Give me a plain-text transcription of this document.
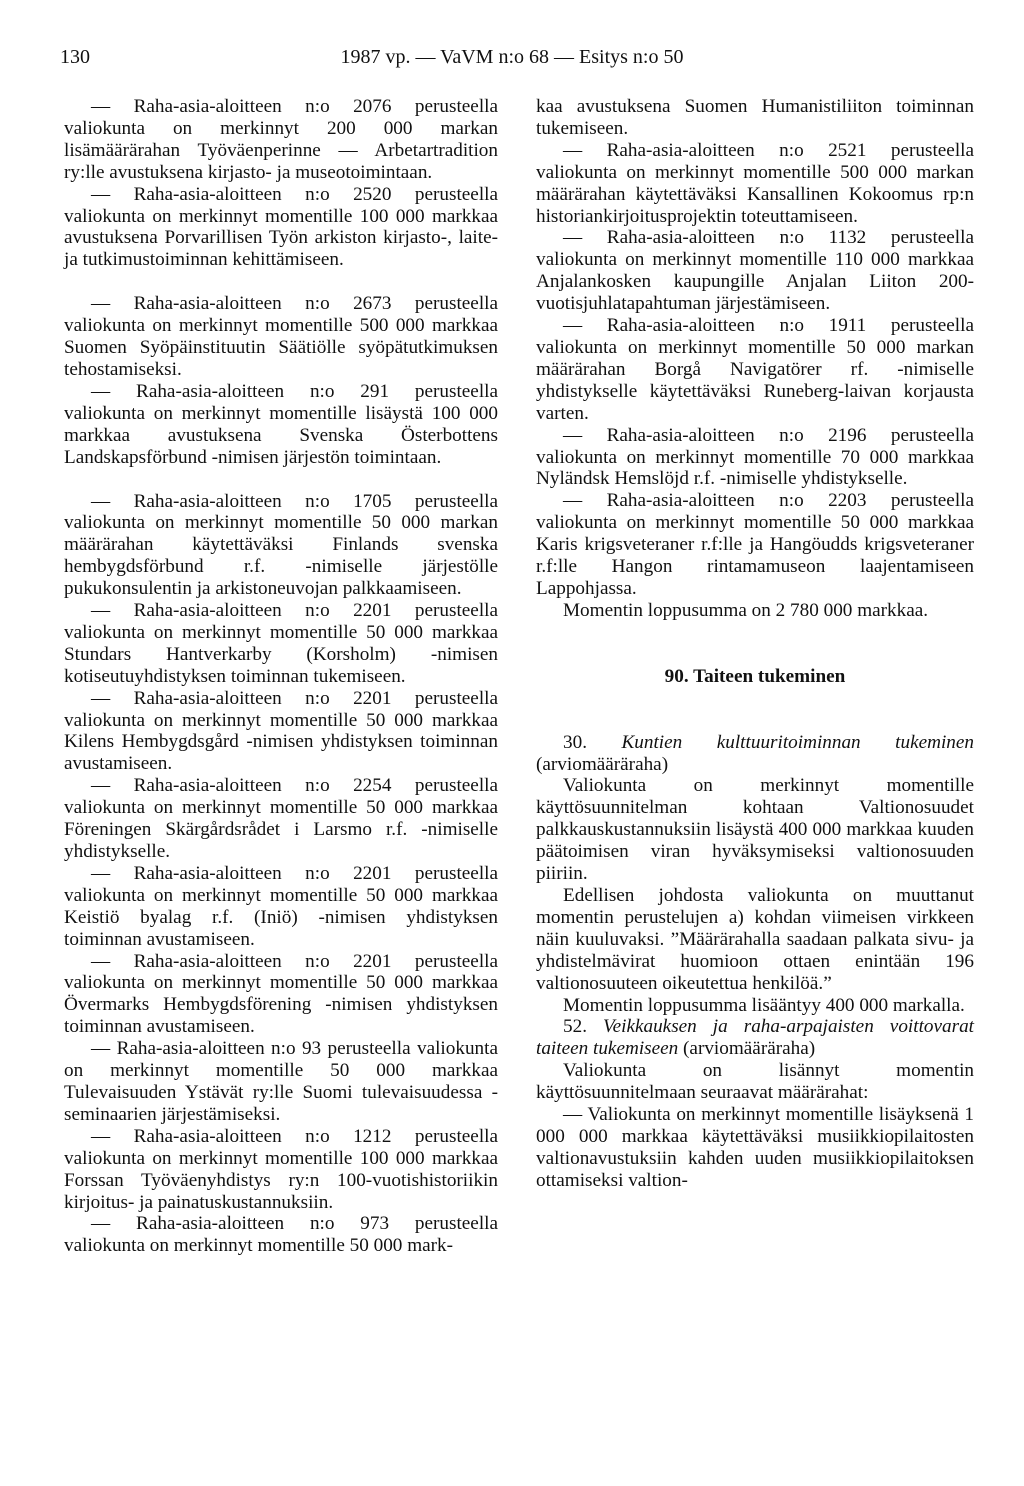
130	1987 vp. — VaVM n:o 68 — Esitys n:o 50

— Raha-asia-aloitteen n:o 2076 perusteella valiokunta on merkinnyt 200 000 markan lisämäärärahan Työväenperinne — Arbetartradition ry:lle avustuksena kirjasto- ja museotoimintaan.

— Raha-asia-aloitteen n:o 2520 perusteella valiokunta on merkinnyt momentille 100 000 markkaa avustuksena Porvarillisen Työn arkiston kirjasto-, laite- ja tutkimustoiminnan kehittämiseen.

— Raha-asia-aloitteen n:o 2673 perusteella valiokunta on merkinnyt momentille 500 000 markkaa Suomen Syöpäinstituutin Säätiölle syöpätutkimuksen tehostamiseksi.

— Raha-asia-aloitteen n:o 291 perusteella valiokunta on merkinnyt momentille lisäystä 100 000 markkaa avustuksena Svenska Österbottens Landskapsförbund -nimisen järjestön toimintaan.

— Raha-asia-aloitteen n:o 1705 perusteella valiokunta on merkinnyt momentille 50 000 markan määrärahan käytettäväksi Finlands svenska hembygdsförbund r.f. -nimiselle järjestölle pukukonsulentin ja arkistoneuvojan palkkaamiseen.

— Raha-asia-aloitteen n:o 2201 perusteella valiokunta on merkinnyt momentille 50 000 markkaa Stundars Hantverkarby (Korsholm) -nimisen kotiseutuyhdistyksen toiminnan tukemiseen.

— Raha-asia-aloitteen n:o 2201 perusteella valiokunta on merkinnyt momentille 50 000 markkaa Kilens Hembygdsgård -nimisen yhdistyksen toiminnan avustamiseen.

— Raha-asia-aloitteen n:o 2254 perusteella valiokunta on merkinnyt momentille 50 000 markkaa Föreningen Skärgårdsrådet i Larsmo r.f. -nimiselle yhdistykselle.

— Raha-asia-aloitteen n:o 2201 perusteella valiokunta on merkinnyt momentille 50 000 markkaa Keistiö byalag r.f. (Iniö) -nimisen yhdistyksen toiminnan avustamiseen.

— Raha-asia-aloitteen n:o 2201 perusteella valiokunta on merkinnyt momentille 50 000 markkaa Övermarks Hembygdsförening -nimisen yhdistyksen toiminnan avustamiseen.

— Raha-asia-aloitteen n:o 93 perusteella valiokunta on merkinnyt momentille 50 000 markkaa Tulevaisuuden Ystävät ry:lle Suomi tulevaisuudessa -seminaarien järjestämiseksi.

— Raha-asia-aloitteen n:o 1212 perusteella valiokunta on merkinnyt momentille 100 000 markkaa Forssan Työväenyhdistys ry:n 100-vuotishistoriikin kirjoitus- ja painatuskustannuksiin.

— Raha-asia-aloitteen n:o 973 perusteella valiokunta on merkinnyt momentille 50 000 mark-

kaa avustuksena Suomen Humanistiliiton toiminnan tukemiseen.

— Raha-asia-aloitteen n:o 2521 perusteella valiokunta on merkinnyt momentille 500 000 markan määrärahan käytettäväksi Kansallinen Kokoomus rp:n historiankirjoitusprojektin toteuttamiseen.

— Raha-asia-aloitteen n:o 1132 perusteella valiokunta on merkinnyt momentille 110 000 markkaa Anjalankosken kaupungille Anjalan Liiton 200-vuotisjuhlatapahtuman järjestämiseen.

— Raha-asia-aloitteen n:o 1911 perusteella valiokunta on merkinnyt momentille 50 000 markan määrärahan Borgå Navigatörer rf. -nimiselle yhdistykselle käytettäväksi Runeberg-laivan korjausta varten.

— Raha-asia-aloitteen n:o 2196 perusteella valiokunta on merkinnyt momentille 70 000 markkaa Nyländsk Hemslöjd r.f. -nimiselle yhdistykselle.

— Raha-asia-aloitteen n:o 2203 perusteella valiokunta on merkinnyt momentille 50 000 markkaa Karis krigsveteraner r.f:lle ja Hangöudds krigsveteraner r.f:lle Hangon rintamamuseon laajentamiseen Lappohjassa.

Momentin loppusumma on 2 780 000 markkaa.

90. Taiteen tukeminen

30. Kuntien kulttuuritoiminnan tukeminen (arviomääräraha)

Valiokunta on merkinnyt momentille käyttösuunnitelman kohtaan Valtionosuudet palkkauskustannuksiin lisäystä 400 000 markkaa kuuden päätoimisen viran hyväksymiseksi valtionosuuden piiriin.

Edellisen johdosta valiokunta on muuttanut momentin perustelujen a) kohdan viimeisen virkkeen näin kuuluvaksi. ”Määrärahalla saadaan palkata sivu- ja yhdistelmävirat huomioon ottaen enintään 196 valtionosuuteen oikeutettua henkilöä.”

Momentin loppusumma lisääntyy 400 000 markalla.

52. Veikkauksen ja raha-arpajaisten voittovarat taiteen tukemiseen (arviomääräraha)

Valiokunta on lisännyt momentin käyttösuunnitelmaan seuraavat määrärahat:

— Valiokunta on merkinnyt momentille lisäyksenä 1 000 000 markkaa käytettäväksi musiikkiopilaitosten valtionavustuksiin kahden uuden musiikkiopilaitoksen ottamiseksi valtion-
